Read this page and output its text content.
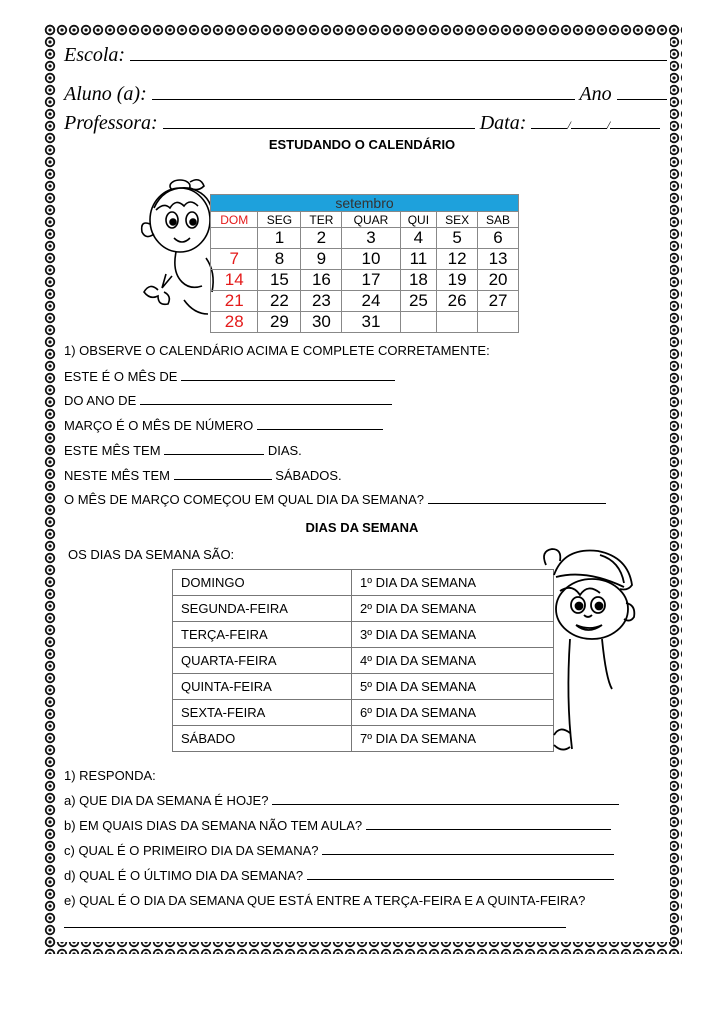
Escola:
Aluno (a):	Ano
Professora:	Data:	/	/
ESTUDANDO O CALENDÁRIO
setembro						
DOM	SEG	TER	QUAR	QUI	SEX	SAB
	1	2	3	4	5	6
7	8	9	10	11	12	13
14	15	16	17	18	19	20
21	22	23	24	25	26	27
28	29	30	31			
1) OBSERVE O CALENDÁRIO ACIMA E COMPLETE CORRETAMENTE:
ESTE É O MÊS DE
DO ANO DE
MARÇO É O MÊS DE NÚMERO
ESTE MÊS TEM	DIAS.
NESTE MÊS TEM	SÁBADOS.
O MÊS DE MARÇO COMEÇOU EM QUAL DIA DA SEMANA?
DIAS DA SEMANA
OS DIAS DA SEMANA SÃO:
DOMINGO	1º DIA DA SEMANA
SEGUNDA-FEIRA	2º DIA DA SEMANA
TERÇA-FEIRA	3º DIA DA SEMANA
QUARTA-FEIRA	4º DIA DA SEMANA
QUINTA-FEIRA	5º DIA DA SEMANA
SEXTA-FEIRA	6º DIA DA SEMANA
SÁBADO	7º DIA DA SEMANA
1) RESPONDA:
a) QUE DIA DA SEMANA É HOJE?
b) EM QUAIS DIAS DA SEMANA NÃO TEM AULA?
c) QUAL É O PRIMEIRO DIA DA SEMANA?
d) QUAL É O ÚLTIMO DIA DA SEMANA?
e) QUAL É O DIA DA SEMANA QUE ESTÁ ENTRE A TERÇA-FEIRA E A QUINTA-FEIRA?
